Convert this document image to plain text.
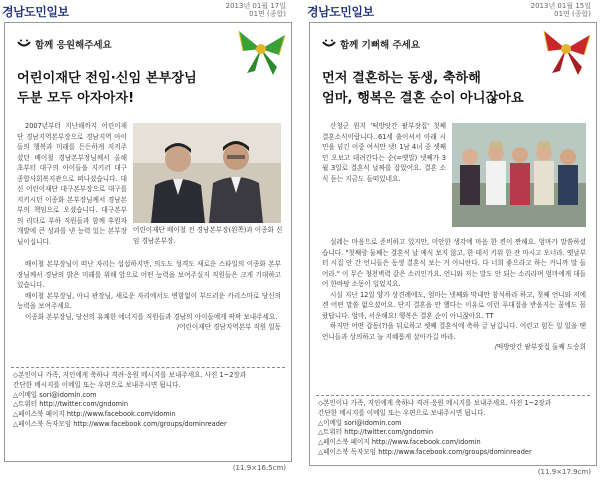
경남도민일보	2013년 01월 17일
01면 (종합)
함께 응원해주세요
어린이재단 전임·신임 본부장님
두분 모두 아자아자!

2007년부터 지난해까지 어린이재단 경남지역본부장으로 경남지역 아이들의 행복과 미래를 든든하게 지켜주셨던 배이철 경남본부장님께서 올해 초부터 대구의 아이들을 지키러 대구종합사회복지관으로 떠나셨습니다. 대신 어린이재단 대구본부장으로 대구를 지키시던 이종화 본부장님께서 경남본부의 책임으로 오셨습니다. 대구본부의 리더로 부하 직원들과 함께 후원자 개발에 큰 성과를 낸 능력 있는 본부장님이십니다.

어린이재단 배이철 전 경남본부장(왼쪽)과 이종화 신임 경남본부장.

배이철 본부장님이 떠난 자리는 섭섭하지만, 의도도 성격도 새로운 스타일의 이종화 본부장님께서 경남의 밝은 미래를 위해 앞으로 어떤 능력을 보여주실지 직원들은 크게 기대하고 있습니다.

배이철 본부장님, 아니 관장님, 새로운 자리에서도 변함없이 부드러운 카리스마로 당신의 능력을 보여주세요.

이종화 본부장님, 당신의 유쾌한 에너지를 직원들과 경남의 아이들에게 팍팍 보내주세요.

/어린이재단 경남지역본부 직원 일동

◇본인이나 가족, 지인에게 축하나 격려·응원 메시지를 보내주세요. 사진 1~2장과
간단한 메시지를 이메일 또는 우편으로 보내주시면 됩니다.
△이메일 sori@idomin.com
△트위터 http://twitter.com/gndomin
△페이스북 페이지 http://www.facebook.com/idomin
△페이스북 독자모임 http://www.facebook.com/groups/dominreader
(11.9×16.5cm)
경남도민일보	2013년 01월 15일
01면 (종합)
함께 기뻐해 주세요
먼저 결혼하는 동생, 축하해
엄마, 행복은 결혼 순이 아니잖아요

산청군 원지 '떡방앗간 팥부잣집' 첫째 결혼소식이랍니다. 61세 출이셔서 아래 시민을 넘긴 이중 여식만 넷! 1남 4녀 중 셋째인 오보고 데려간다는 순(=옛말) 넷째가 3월 3일로 결혼식 날짜를 잡았어요. 결혼 소식 듣는 지금도 들떠있네요.

설레는 마음으로 준비하고 있지만, 미안한 생각에 마음 한 켠이 짠해요. 엄마가 말씀하셨습니다. "첫째랑 둘째는 결혼식 날 예식 보지 않고, 한 테서 키워 한 잔 마시고 오너라. 옛날부터 시집 안 간 언니들은 동생 결혼식 보는 거 아니란다. 다 너희 좋으라고 하는 거니까 말 들어라." 이 무슨 청천벽력 같은 소리인가요. 언니와 저는 말도 안 되는 소리라며 엄마에게 대들어 한바탕 소동이 일었지요.

시실 지난 12일 양가 상견례에도, 엄마는 넷째와 막내만 참석하라 하고, 첫째 언니와 저에겐 어떤 말씀 없으셨어요. 단지 결혼을 안 했다는 이유로 이런 푸대접을 받을지는 꿈에도 몰랐답니다. 엄마, 서운해요! 행복은 결혼 순이 아니잖아요. TT

하지만 어떤 갑동(?)을 뒤로하고 셋째 결혼식에 축하 글 남깁니다. 어린고 힘든 일 있을 땐 언니들과 상의하고 늘 지혜롭게 살아가길 바라.

/떡방앗간 팥부잣집 둘째 도승희

◇본인이나 가족, 지인에게 축하나 격려·응원 메시지를 보내주세요. 사진 1~2장과
간단한 메시지를 이메일 또는 우편으로 보내주시면 됩니다.
△이메일 sori@idomin.com
△트위터 http://twitter.com/gndomin
△페이스북 페이지 http://www.facebook.com/idomin
△페이스북 독자모임 http://www.facebook.com/groups/dominreader
(11.9×17.9cm)
